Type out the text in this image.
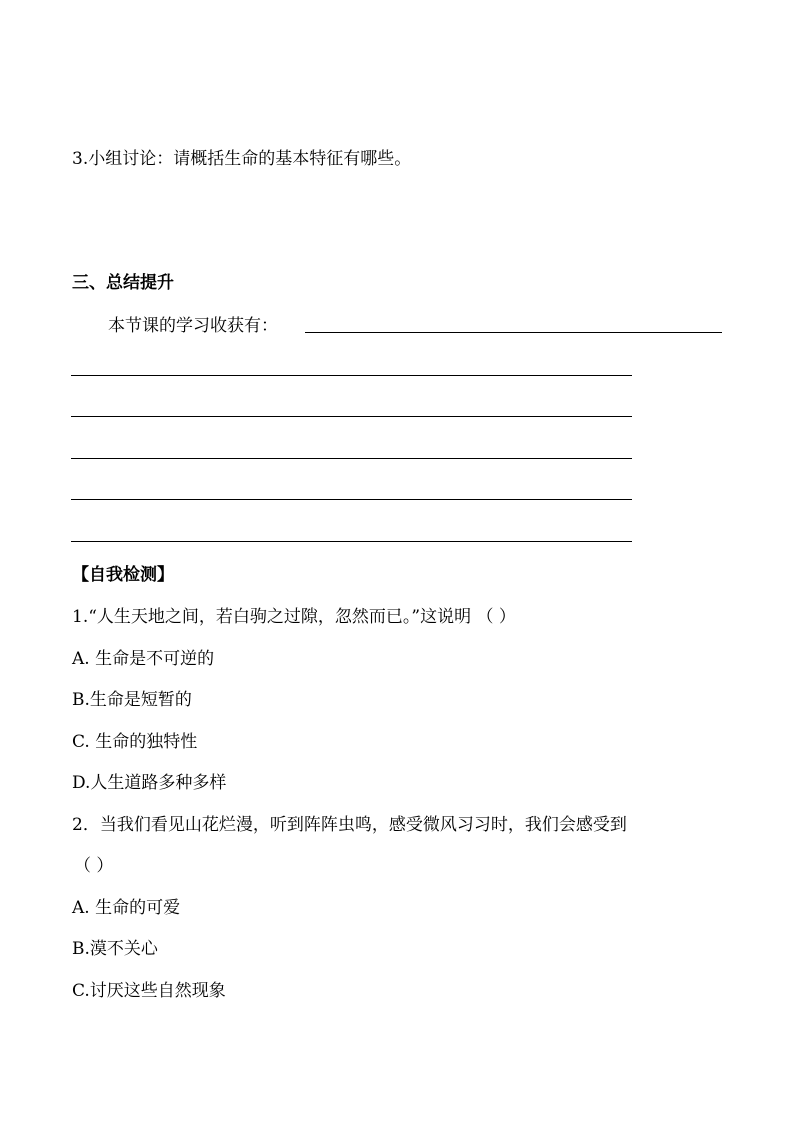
3.小组讨论：请概括生命的基本特征有哪些。
三、总结提升
本节课的学习收获有：
【自我检测】
1.“人生天地之间，若白驹之过隙，忽然而已。”这说明 （ ）
A. 生命是不可逆的
B.生命是短暂的
C. 生命的独特性
D.人生道路多种多样
2．当我们看见山花烂漫，听到阵阵虫鸣，感受微风习习时，我们会感受到
（ ）
A. 生命的可爱
B.漠不关心
C.讨厌这些自然现象
